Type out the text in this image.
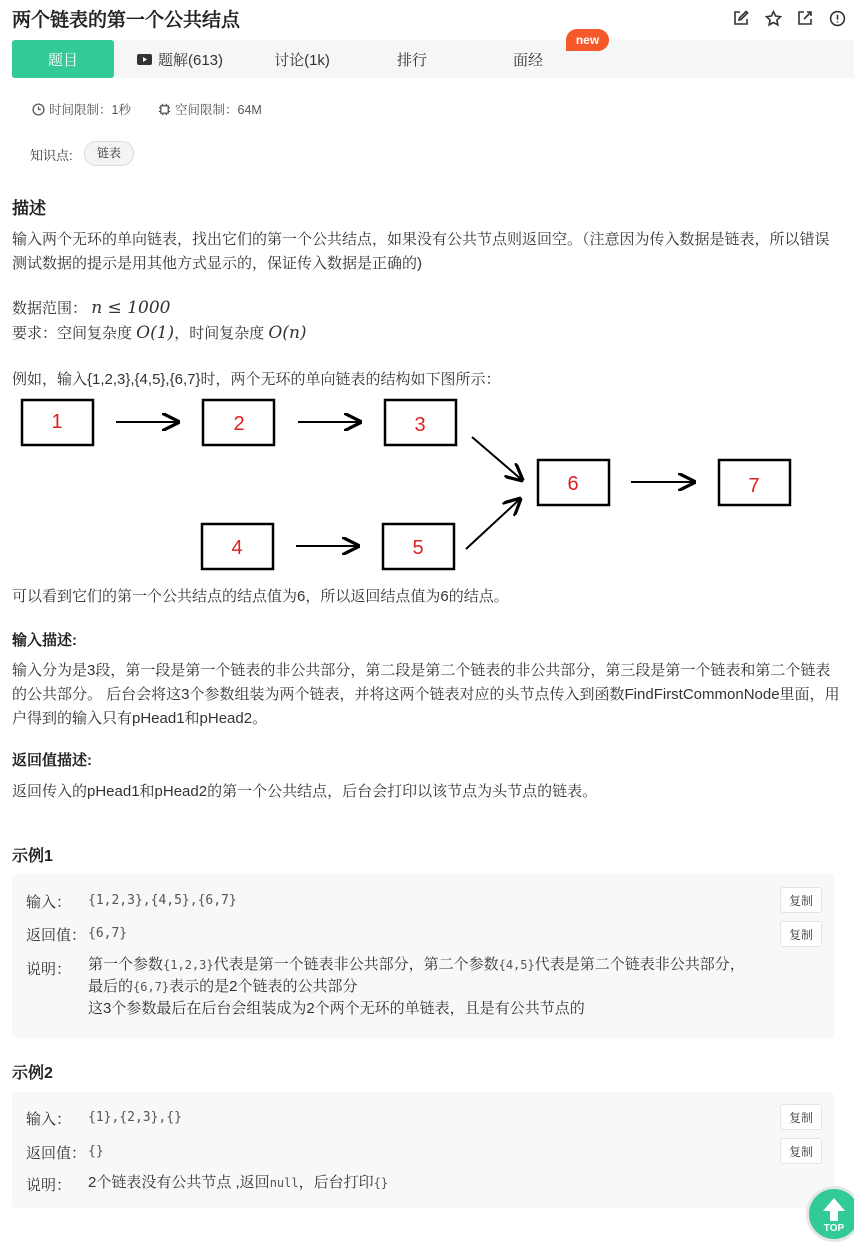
两个链表的第一个公共结点
题目	题解(613)	讨论(1k)	排行	面经
new
时间限制：1秒	空间限制：64M
知识点:	链表
描述
输入两个无环的单向链表，找出它们的第一个公共结点，如果没有公共节点则返回空。（注意因为传入数据是链表，所以错误测试数据的提示是用其他方式显示的，保证传入数据是正确的)
数据范围： n ≤ 1000
要求：空间复杂度 O(1)，时间复杂度 O(n)
例如，输入{1,2,3},{4,5},{6,7}时，两个无环的单向链表的结构如下图所示：
1	2	3
4	5
6	7
可以看到它们的第一个公共结点的结点值为6，所以返回结点值为6的结点。
输入描述:
输入分为是3段，第一段是第一个链表的非公共部分，第二段是第二个链表的非公共部分，第三段是第一个链表和第二个链表的公共部分。 后台会将这3个参数组装为两个链表，并将这两个链表对应的头节点传入到函数FindFirstCommonNode里面，用户得到的输入只有pHead1和pHead2。
返回值描述:
返回传入的pHead1和pHead2的第一个公共结点，后台会打印以该节点为头节点的链表。
示例1
输入： {1,2,3},{4,5},{6,7}	复制
返回值： {6,7}	复制
说明： 第一个参数{1,2,3}代表是第一个链表非公共部分，第二个参数{4,5}代表是第二个链表非公共部分，
最后的{6,7}表示的是2个链表的公共部分
这3个参数最后在后台会组装成为2个两个无环的单链表，且是有公共节点的
示例2
输入： {1},{2,3},{}	复制
返回值： {}	复制
说明： 2个链表没有公共节点 ,返回null，后台打印{}
TOP
